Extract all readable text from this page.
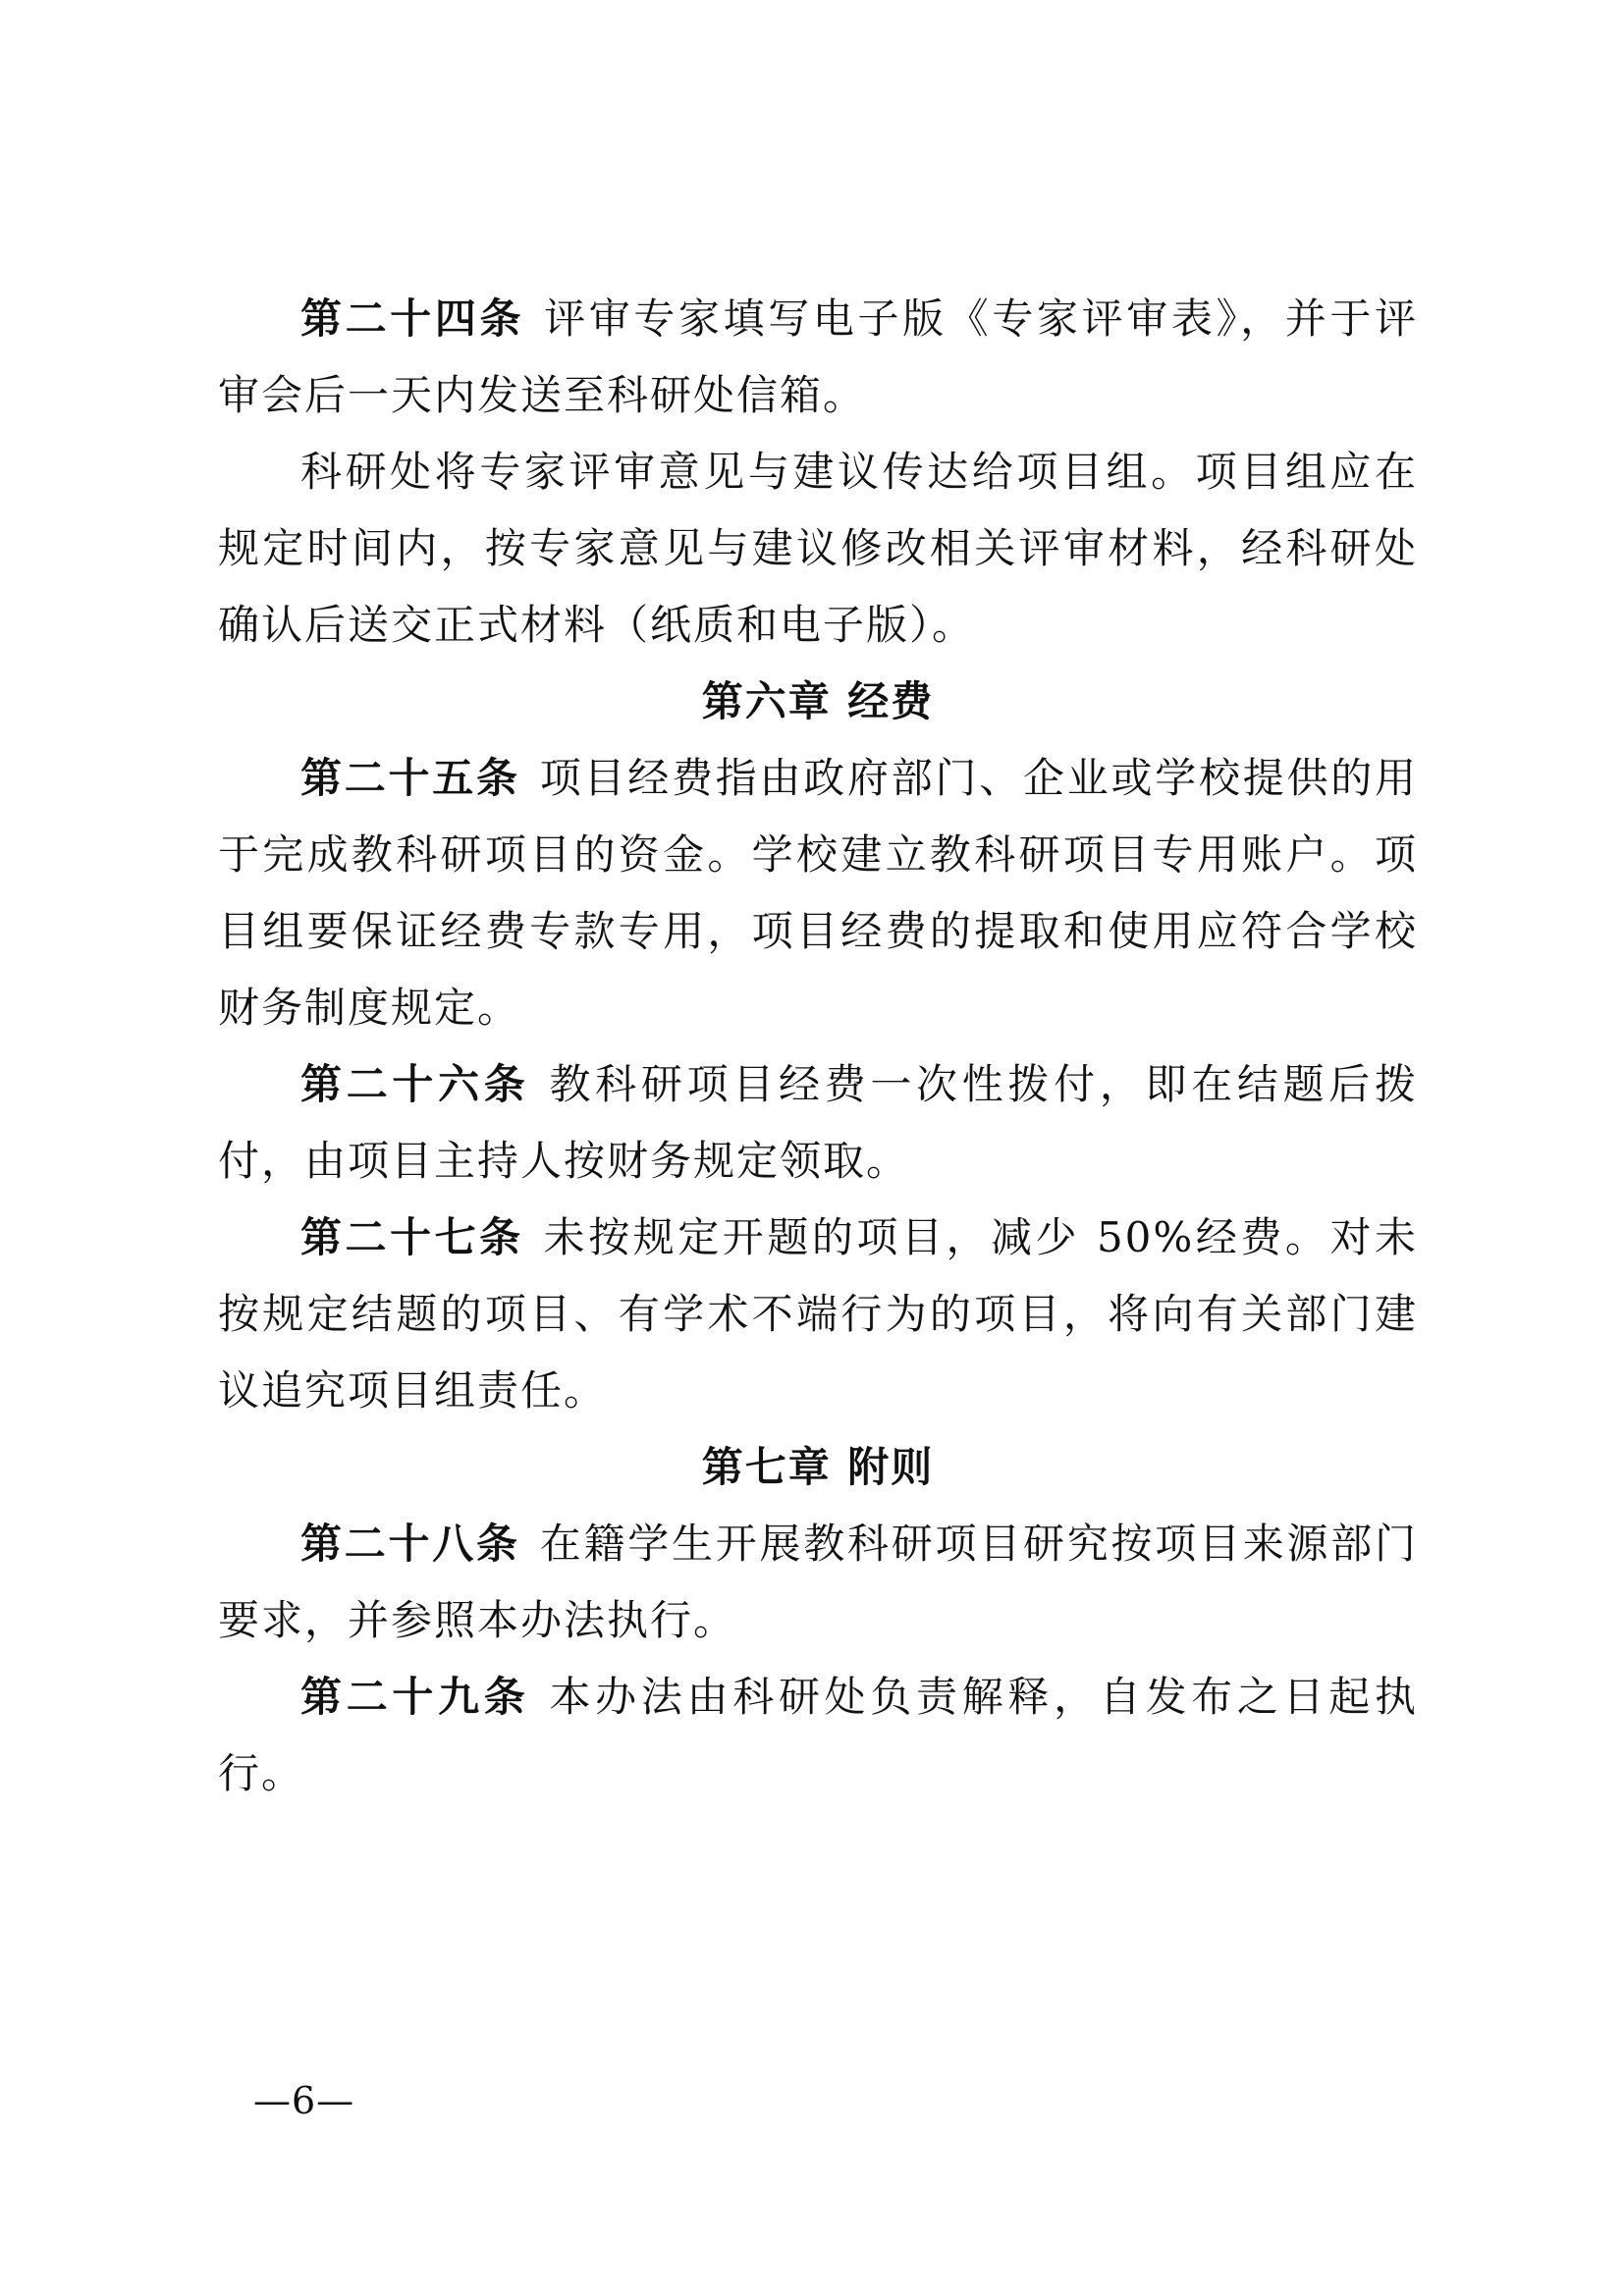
第二十四条 评审专家填写电子版《专家评审表》，并于评审会后一天内发送至科研处信箱。

科研处将专家评审意见与建议传达给项目组。项目组应在规定时间内，按专家意见与建议修改相关评审材料，经科研处确认后送交正式材料（纸质和电子版）。

第六章 经费

第二十五条 项目经费指由政府部门、企业或学校提供的用于完成教科研项目的资金。学校建立教科研项目专用账户。项目组要保证经费专款专用，项目经费的提取和使用应符合学校财务制度规定。

第二十六条 教科研项目经费一次性拨付，即在结题后拨付，由项目主持人按财务规定领取。

第二十七条 未按规定开题的项目，减少 50%经费。对未按规定结题的项目、有学术不端行为的项目，将向有关部门建议追究项目组责任。

第七章 附则

第二十八条 在籍学生开展教科研项目研究按项目来源部门要求，并参照本办法执行。

第二十九条 本办法由科研处负责解释，自发布之日起执行。

—6—
